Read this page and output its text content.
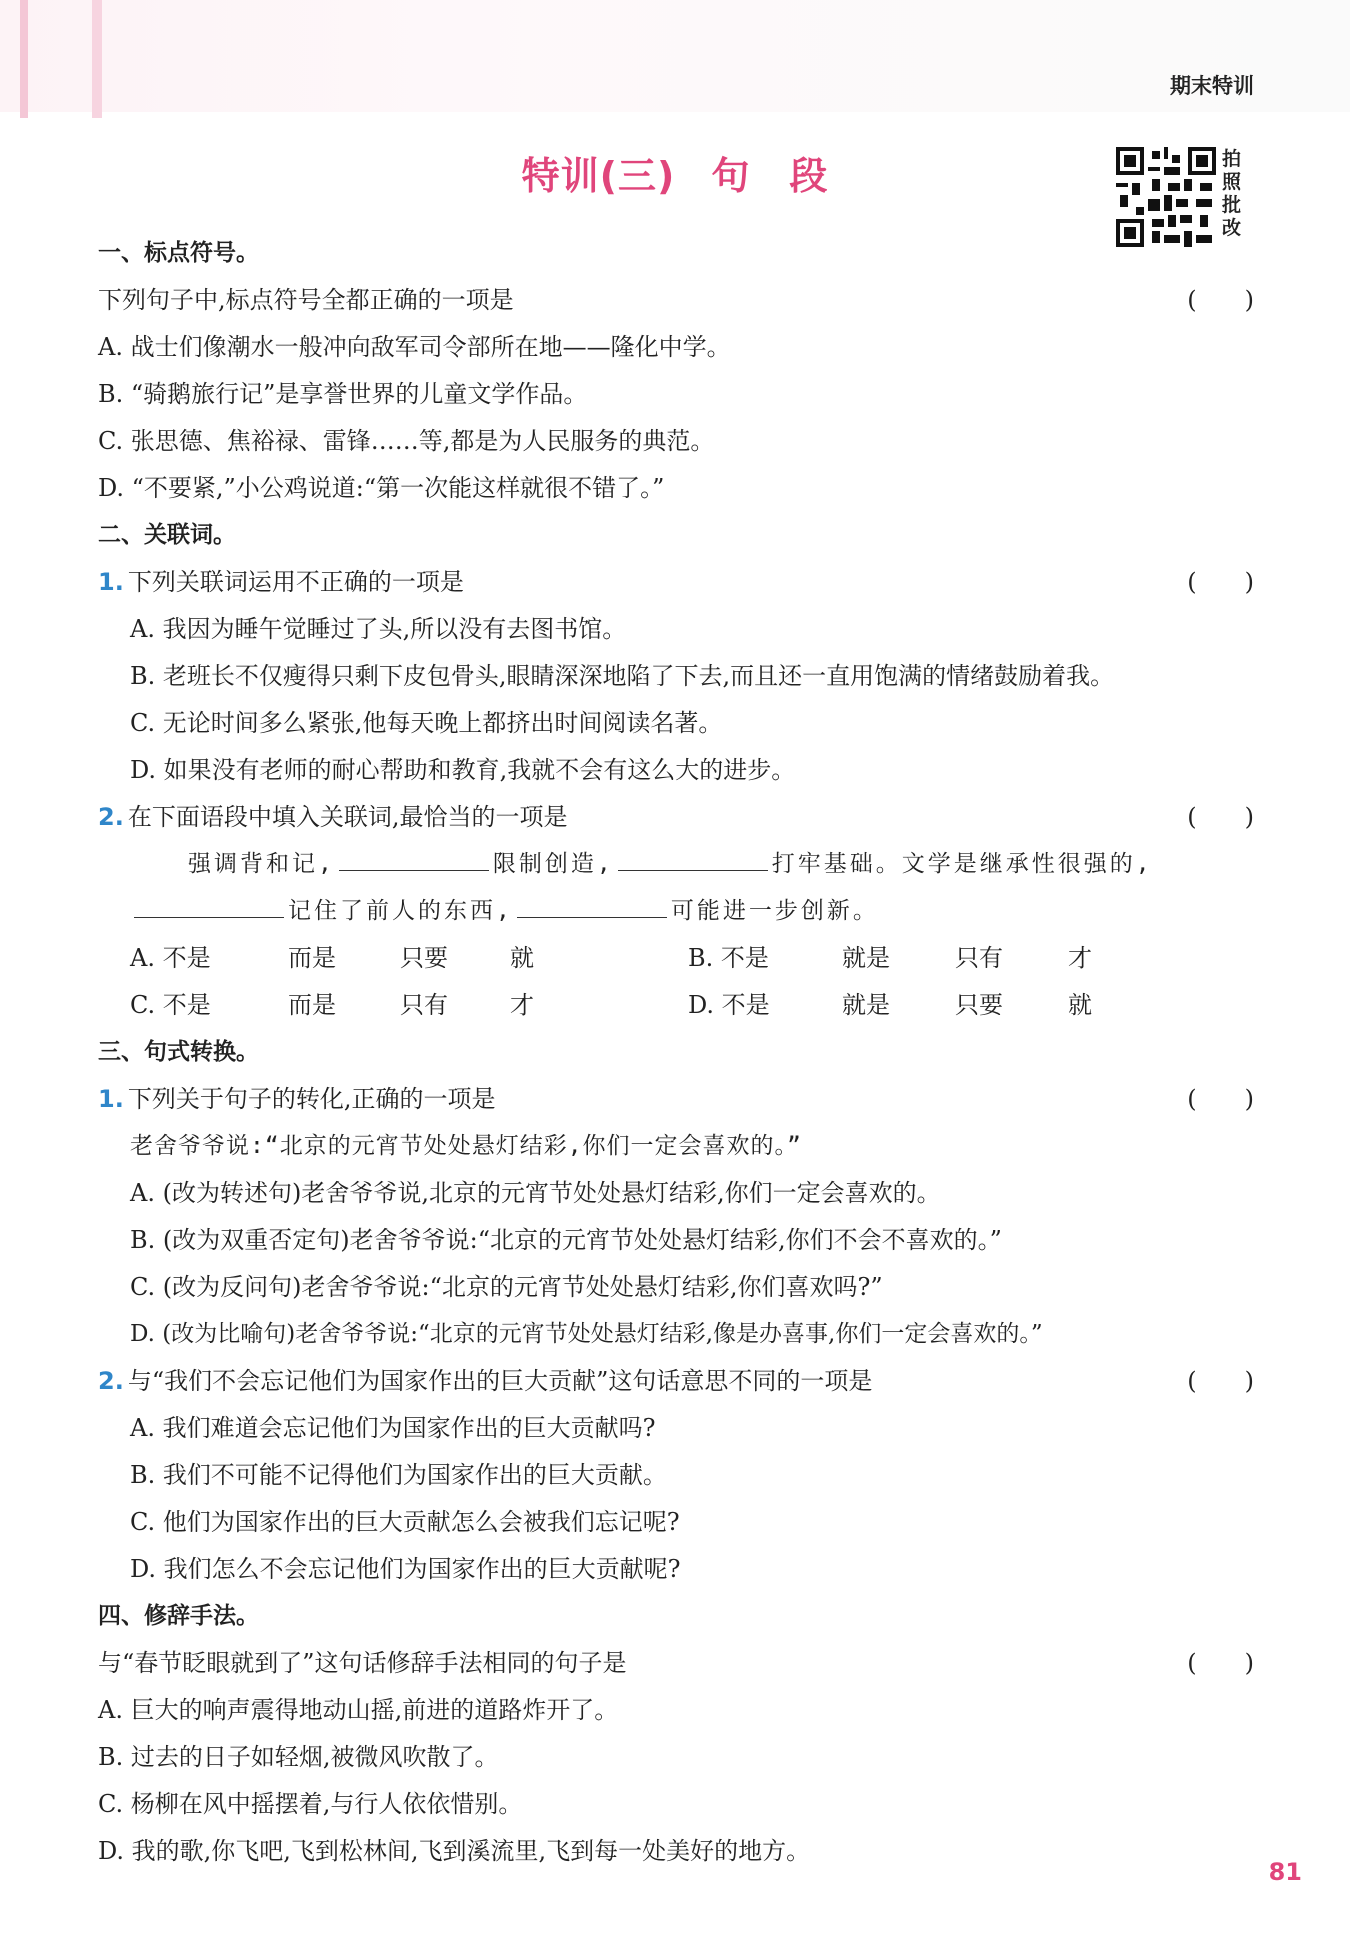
期末特训
特训(三) 句　段	拍照批改
一、标点符号。
下列句子中,标点符号全都正确的一项是	(　　)
A. 战士们像潮水一般冲向敌军司令部所在地——隆化中学。
B. “骑鹅旅行记”是享誉世界的儿童文学作品。
C. 张思德、焦裕禄、雷锋……等,都是为人民服务的典范。
D. “不要紧,”小公鸡说道:“第一次能这样就很不错了。”
二、关联词。
1. 下列关联词运用不正确的一项是	(　　)
A. 我因为睡午觉睡过了头,所以没有去图书馆。
B. 老班长不仅瘦得只剩下皮包骨头,眼睛深深地陷了下去,而且还一直用饱满的情绪鼓励着我。
C. 无论时间多么紧张,他每天晚上都挤出时间阅读名著。
D. 如果没有老师的耐心帮助和教育,我就不会有这么大的进步。
2. 在下面语段中填入关联词,最恰当的一项是	(　　)
强调背和记,	限制创造,	打牢基础。文学是继承性很强的,
记住了前人的东西,	可能进一步创新。
A. 不是	而是	只要	就	B. 不是	就是	只有	才
C. 不是	而是	只有	才	D. 不是	就是	只要	就
三、句式转换。
1. 下列关于句子的转化,正确的一项是	(　　)
老舍爷爷说:“北京的元宵节处处悬灯结彩,你们一定会喜欢的。”
A. (改为转述句)老舍爷爷说,北京的元宵节处处悬灯结彩,你们一定会喜欢的。
B. (改为双重否定句)老舍爷爷说:“北京的元宵节处处悬灯结彩,你们不会不喜欢的。”
C. (改为反问句)老舍爷爷说:“北京的元宵节处处悬灯结彩,你们喜欢吗?”
D. (改为比喻句)老舍爷爷说:“北京的元宵节处处悬灯结彩,像是办喜事,你们一定会喜欢的。”
2. 与“我们不会忘记他们为国家作出的巨大贡献”这句话意思不同的一项是	(　　)
A. 我们难道会忘记他们为国家作出的巨大贡献吗?
B. 我们不可能不记得他们为国家作出的巨大贡献。
C. 他们为国家作出的巨大贡献怎么会被我们忘记呢?
D. 我们怎么不会忘记他们为国家作出的巨大贡献呢?
四、修辞手法。
与“春节眨眼就到了”这句话修辞手法相同的句子是	(　　)
A. 巨大的响声震得地动山摇,前进的道路炸开了。
B. 过去的日子如轻烟,被微风吹散了。
C. 杨柳在风中摇摆着,与行人依依惜别。
D. 我的歌,你飞吧,飞到松林间,飞到溪流里,飞到每一处美好的地方。
81
